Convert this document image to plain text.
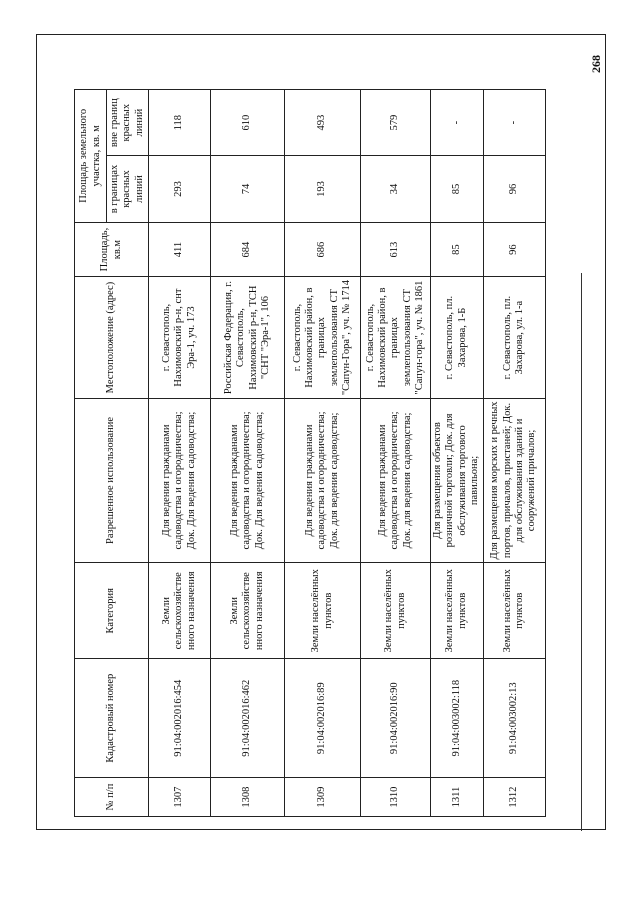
№ п/п	Кадастровый номер	Категория	Разрешенное использование	Местоположение (адрес)	Площадь, кв.м	Площадь земельного участка, кв. м	
						в границах красных линий	вне границ красных линий
1307	91:04:002016:454	Земли сельскохозяйстве нного назначения	Для ведения гражданами садоводства и огородничества; Док. Для ведения садоводства;	г. Севастополь, Нахимовский р-н, снт Эра-1, уч. 173	411	293	118
1308	91:04:002016:462	Земли сельскохозяйстве нного назначения	Для ведения гражданами садоводства и огородничества; Док. Для ведения садоводства;	Российская Федерация, г. Севастополь, Нахимовский р-н, ТСН "СНТ "Эра-1", 106	684	74	610
1309	91:04:002016:89	Земли населённых пунктов	Для ведения гражданами садоводства и огородничества; Док. для ведения садоводства;	г. Севастополь, Нахимовский район, в границах землепользования СТ "Сапун-Гора", уч. № 1714	686	193	493
1310	91:04:002016:90	Земли населённых пунктов	Для ведения гражданами садоводства и огородничества; Док. для ведения садоводства;	г. Севастополь, Нахимовский район, в границах землепользования СТ "Сапун-гора", уч. № 1861	613	34	579
1311	91:04:003002:118	Земли населённых пунктов	Для размещения объектов розничной торговли; Док. для обслуживания торгового павильона;	г. Севастополь, пл. Захарова, 1-Б	85	85	-
1312	91:04:003002:13	Земли населённых пунктов	Для размещения морских и речных портов, причалов, пристаней; Док. для обслуживания зданий и сооружений причалов;	г. Севастополь, пл. Захарова, ул. 1-а	96	96	-
268
